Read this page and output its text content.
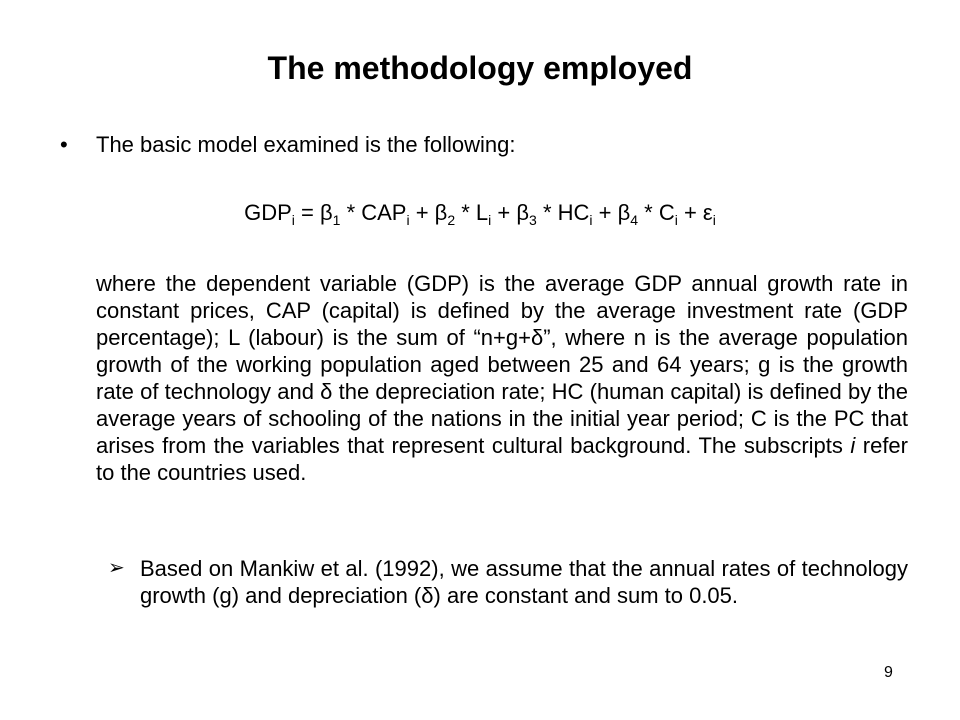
The methodology employed
• The basic model examined is the following:
$GDP_i = \beta_1 * CAP_i + \beta_2 * L_i + \beta_3 * HC_i + \beta_4 * C_i + \varepsilon_i$

where the dependent variable (GDP) is the average GDP annual growth rate in constant prices, CAP (capital) is defined by the average investment rate (GDP percentage); L (labour) is the sum of “n+g+δ”, where n is the average population growth of the working population aged between 25 and 64 years; g is the growth rate of technology and δ the depreciation rate; HC (human capital) is defined by the average years of schooling of the nations in the initial year period; C is the PC that arises from the variables that represent cultural background. The subscripts i refer to the countries used.

➢ Based on Mankiw et al. (1992), we assume that the annual rates of technology growth (g) and depreciation (δ) are constant and sum to 0.05.
9
